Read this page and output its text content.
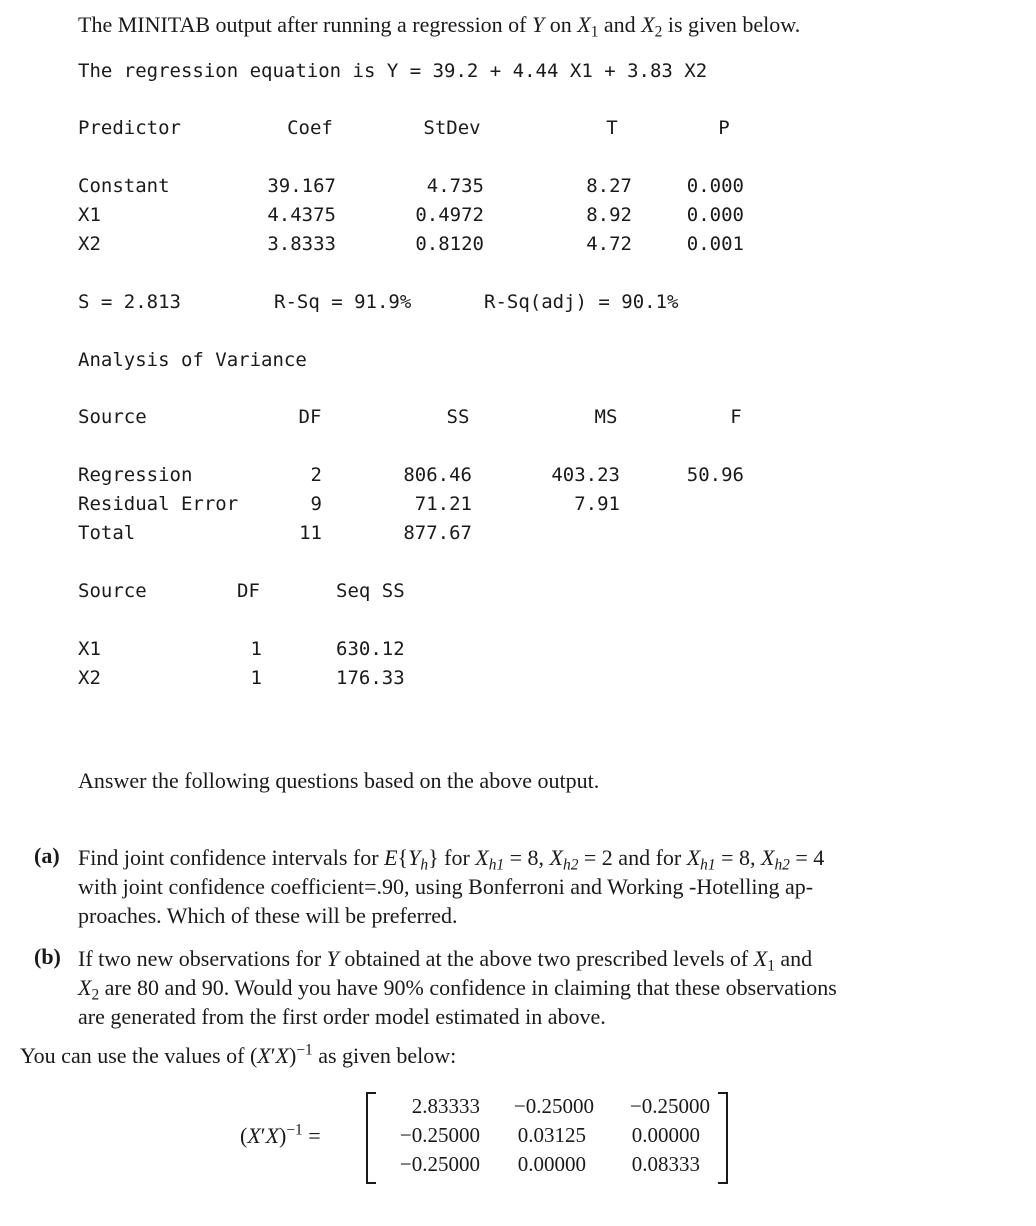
The MINITAB output after running a regression of Y on $X_1$ and $X_2$ is given below.
The regression equation is Y = 39.2 + 4.44 X1 + 3.83 X2
Predictor	Coef	StDev	T	P
Constant	39.167	4.735	8.27	0.000
X1	4.4375	0.4972	8.92	0.000
X2	3.8333	0.8120	4.72	0.001
S = 2.813	R-Sq = 91.9%	R-Sq(adj) = 90.1%
Analysis of Variance
Source	DF	SS	MS	F
Regression	2	806.46	403.23	50.96
Residual Error	9	71.21	7.91
Total	11	877.67
Source	DF	Seq SS
X1	1	630.12
X2	1	176.33
Answer the following questions based on the above output.
(a) Find joint confidence intervals for $E\{Y_h\}$ for $X_{h1} = 8$, $X_{h2} = 2$ and for $X_{h1} = 8$, $X_{h2} = 4$
with joint confidence coefficient=.90, using Bonferroni and Working -Hotelling ap-
proaches. Which of these will be preferred.
(b) If two new observations for Y obtained at the above two prescribed levels of $X_1$ and
$X_2$ are 80 and 90. Would you have 90% confidence in claiming that these observations
are generated from the first order model estimated in above.
You can use the values of $(X'X)^{-1}$ as given below:
$(X'X)^{-1}$ =
2.83333	−0.25000	−0.25000
−0.25000	0.03125	0.00000
−0.25000	0.00000	0.08333
